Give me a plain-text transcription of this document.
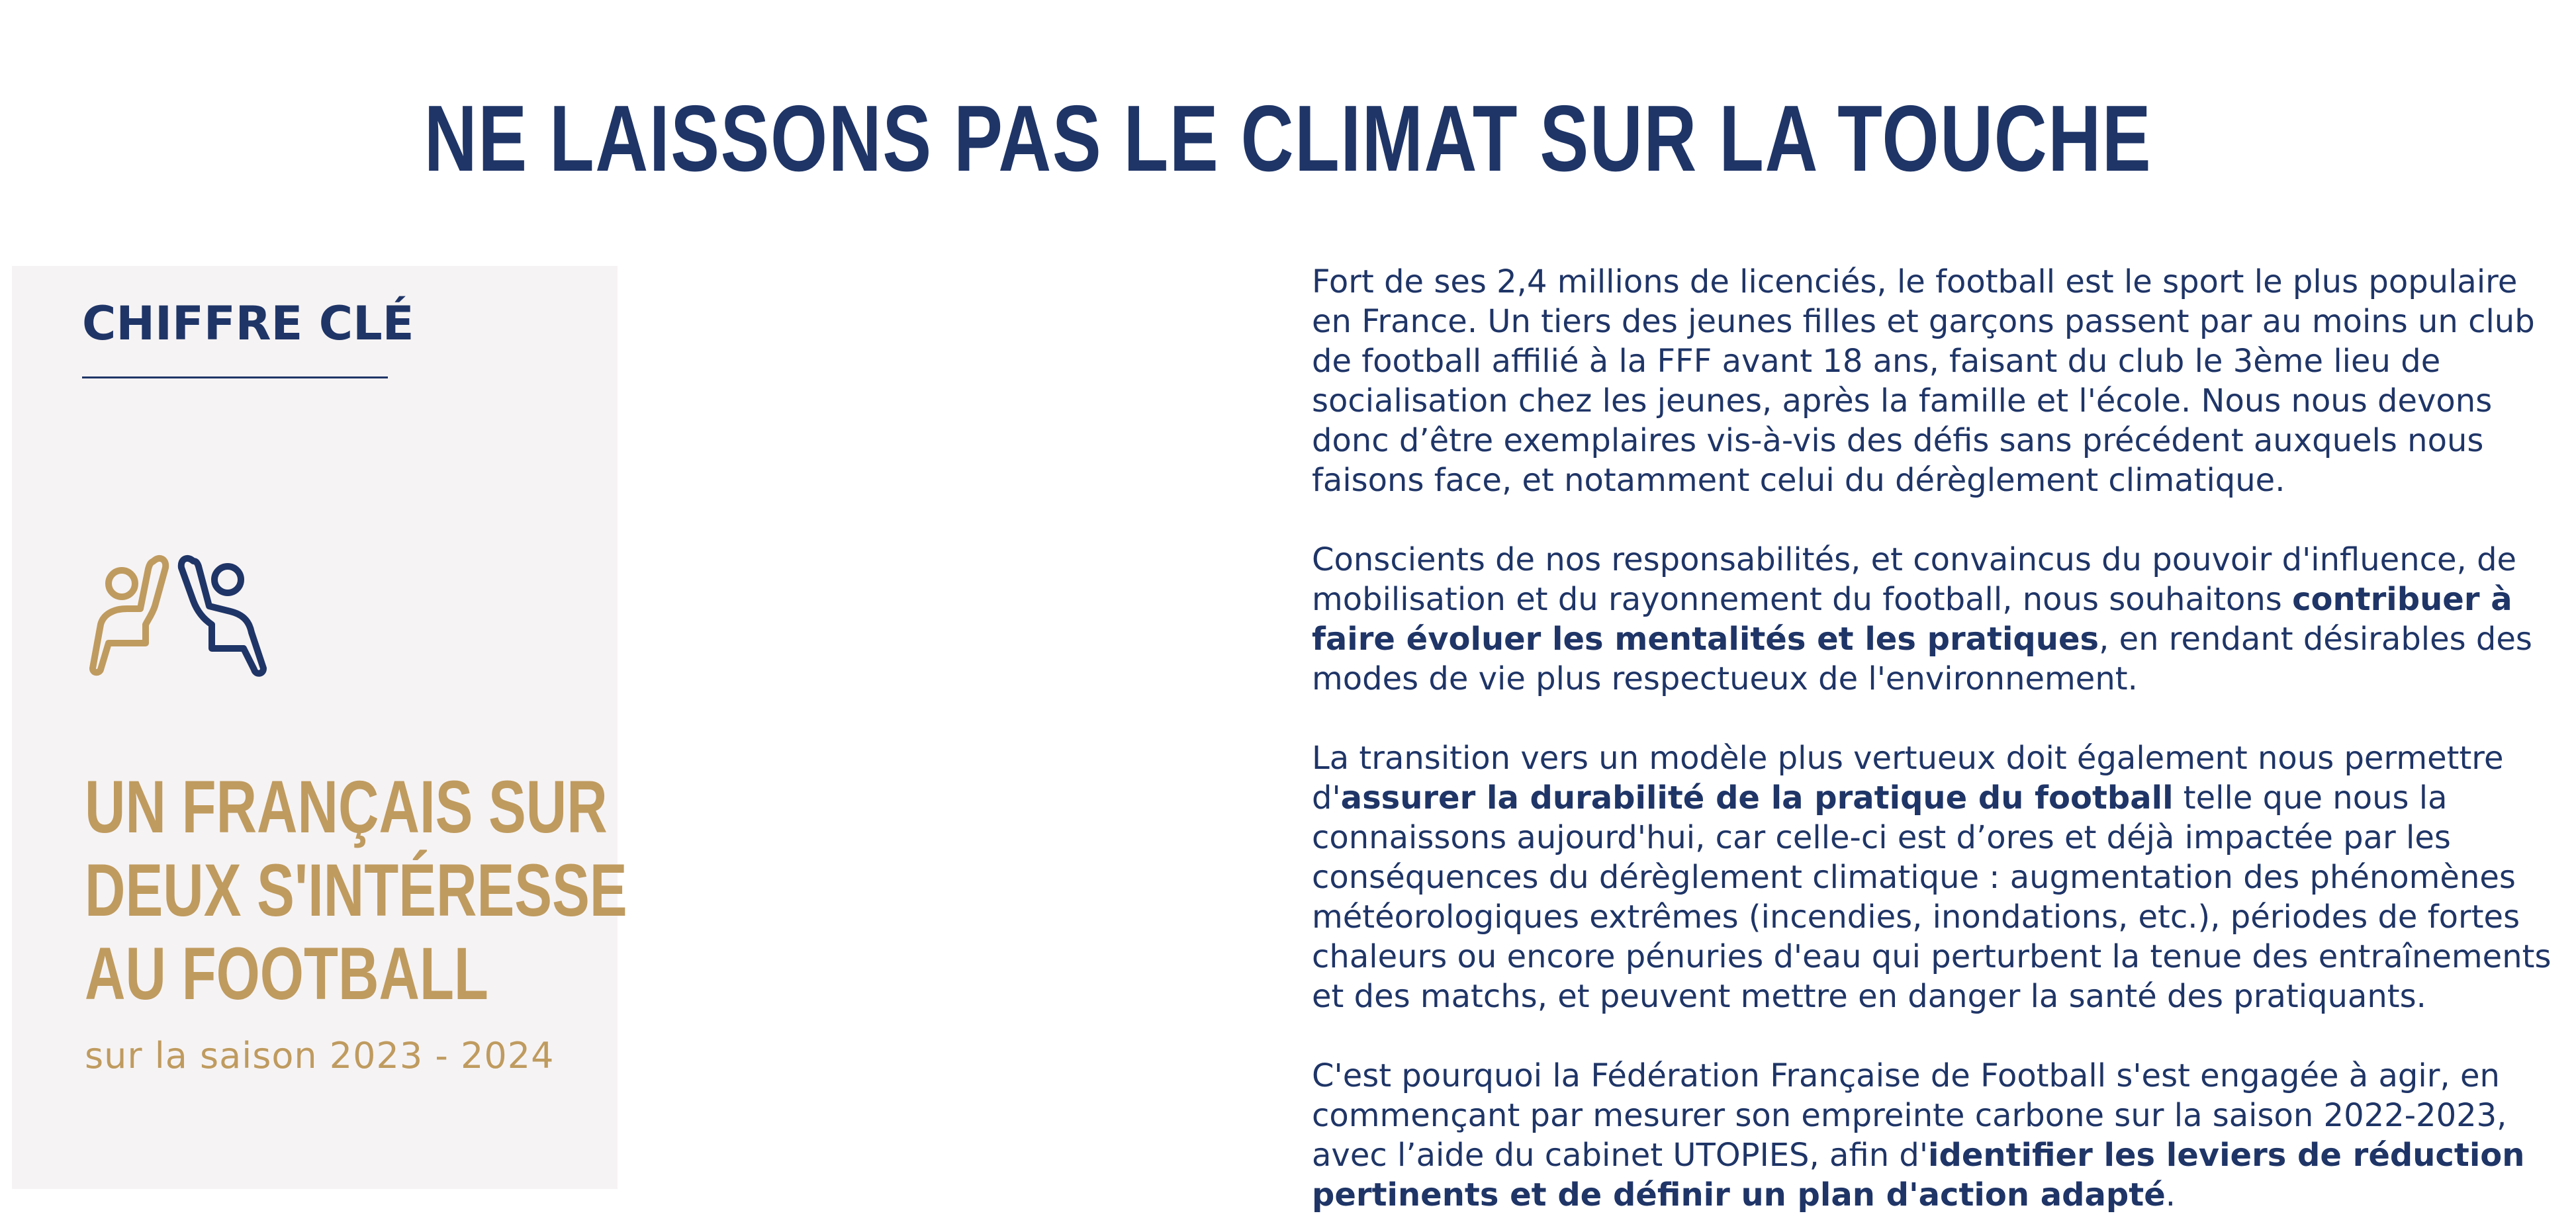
NE LAISSONS PAS LE CLIMAT SUR LA TOUCHE
CHIFFRE CLÉ
UN FRANÇAIS SUR
DEUX S'INTÉRESSE
AU FOOTBALL
sur la saison 2023 - 2024

Fort de ses 2,4 millions de licenciés, le football est le sport le plus populaire en France. Un tiers des jeunes filles et garçons passent par au moins un club de football affilié à la FFF avant 18 ans, faisant du club le 3ème lieu de socialisation chez les jeunes, après la famille et l'école. Nous nous devons donc d’être exemplaires vis-à-vis des défis sans précédent auxquels nous faisons face, et notamment celui du dérèglement climatique.

Conscients de nos responsabilités, et convaincus du pouvoir d'influence, de mobilisation et du rayonnement du football, nous souhaitons contribuer à faire évoluer les mentalités et les pratiques, en rendant désirables des modes de vie plus respectueux de l'environnement.

La transition vers un modèle plus vertueux doit également nous permettre d'assurer la durabilité de la pratique du football telle que nous la connaissons aujourd'hui, car celle-ci est d’ores et déjà impactée par les conséquences du dérèglement climatique : augmentation des phénomènes météorologiques extrêmes (incendies, inondations, etc.), périodes de fortes chaleurs ou encore pénuries d'eau qui perturbent la tenue des entraînements et des matchs, et peuvent mettre en danger la santé des pratiquants.

C'est pourquoi la Fédération Française de Football s'est engagée à agir, en commençant par mesurer son empreinte carbone sur la saison 2022-2023, avec l’aide du cabinet UTOPIES, afin d'identifier les leviers de réduction pertinents et de définir un plan d'action adapté.
